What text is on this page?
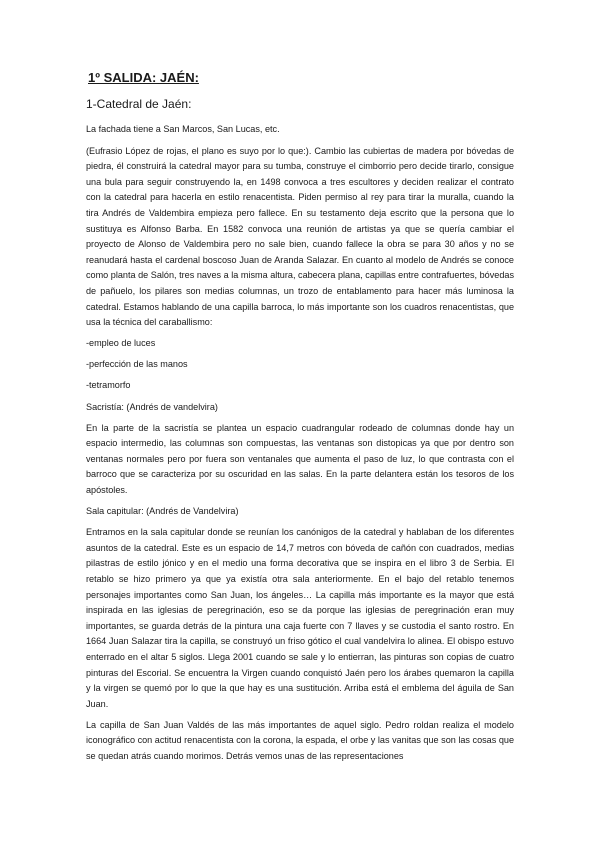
1º SALIDA: JAÉN:
1-Catedral de Jaén:

La fachada tiene a San Marcos, San Lucas, etc.

(Eufrasio López de rojas, el plano es suyo por lo que:). Cambio las cubiertas de madera por bóvedas de piedra, él construirá la catedral mayor para su tumba, construye el cimborrio pero decide tirarlo, consigue una bula para seguir construyendo la, en 1498 convoca a tres escultores y deciden realizar el contrato con la catedral para hacerla en estilo renacentista. Piden permiso al rey para tirar la muralla, cuando la tira Andrés de Valdembira empieza pero fallece. En su testamento deja escrito que la persona que lo sustituya es Alfonso Barba. En 1582 convoca una reunión de artistas ya que se quería cambiar el proyecto de Alonso de Valdembira pero no sale bien, cuando fallece la obra se para 30 años y no se reanudará hasta el cardenal boscoso Juan de Aranda Salazar. En cuanto al modelo de Andrés se conoce como planta de Salón, tres naves a la misma altura, cabecera plana, capillas entre contrafuertes, bóvedas de pañuelo, los pilares son medias columnas, un trozo de entablamento para hacer más luminosa la catedral. Estamos hablando de una capilla barroca, lo más importante son los cuadros renacentistas, que usa la técnica del caraballismo:

-empleo de luces
-perfección de las manos
-tetramorfo
Sacristía: (Andrés de vandelvira)

En la parte de la sacristía se plantea un espacio cuadrangular rodeado de columnas donde hay un espacio intermedio, las columnas son compuestas, las ventanas son distopicas ya que por dentro son ventanas normales pero por fuera son ventanales que aumenta el paso de luz, lo que contrasta con el barroco que se caracteriza por su oscuridad en las salas. En la parte delantera están los tesoros de los apóstoles.

Sala capitular: (Andrés de Vandelvira)

Entramos en la sala capitular donde se reunían los canónigos de la catedral y hablaban de los diferentes asuntos de la catedral. Este es un espacio de 14,7 metros con bóveda de cañón con cuadrados, medias pilastras de estilo jónico y en el medio una forma decorativa que se inspira en el libro 3 de Serbia. El retablo se hizo primero ya que ya existía otra sala anteriormente. En el bajo del retablo tenemos personajes importantes como San Juan, los ángeles… La capilla más importante es la mayor que está inspirada en las iglesias de peregrinación, eso se da porque las iglesias de peregrinación eran muy importantes, se guarda detrás de la pintura una caja fuerte con 7 llaves y se custodia el santo rostro. En 1664 Juan Salazar tira la capilla, se construyó un friso gótico el cual vandelvira lo alinea. El obispo estuvo enterrado en el altar 5 siglos. Llega 2001 cuando se sale y lo entierran, las pinturas son copias de cuatro pinturas del Escorial. Se encuentra la Virgen cuando conquistó Jaén pero los árabes quemaron la capilla y la virgen se quemó por lo que la que hay es una sustitución. Arriba está el emblema del águila de San Juan.

La capilla de San Juan Valdés de las más importantes de aquel siglo. Pedro roldan realiza el modelo iconográfico con actitud renacentista con la corona, la espada, el orbe y las vanitas que son las cosas que se quedan atrás cuando morimos. Detrás vemos unas de las representaciones
